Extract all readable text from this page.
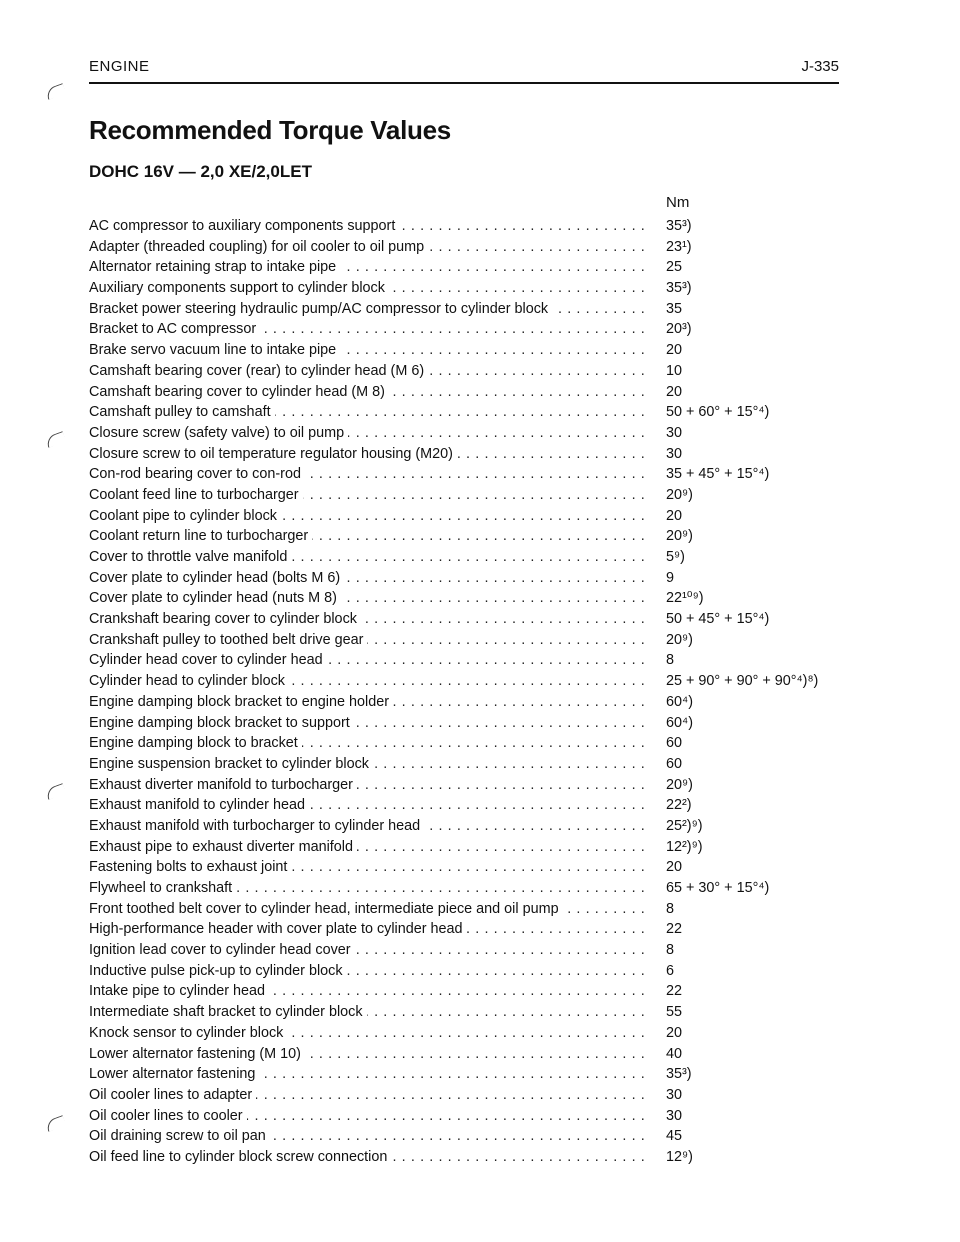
ENGINE	J-335
Recommended Torque Values
DOHC 16V — 2,0 XE/2,0LET
Nm
AC compressor to auxiliary components support . . .	35³)
Adapter (threaded coupling) for oil cooler to oil pump . . .	23¹)
Alternator retaining strap to intake pipe . . .	25
Auxiliary components support to cylinder block . . .	35³)
Bracket power steering hydraulic pump/AC compressor to cylinder block . . .	35
Bracket to AC compressor . . .	20³)
Brake servo vacuum line to intake pipe . . .	20
Camshaft bearing cover (rear) to cylinder head (M 6) . . .	10
Camshaft bearing cover to cylinder head (M 8) . . .	20
Camshaft pulley to camshaft . . .	50 + 60° + 15°⁴)
Closure screw (safety valve) to oil pump . . .	30
Closure screw to oil temperature regulator housing (M20) . . .	30
Con-rod bearing cover to con-rod . . .	35 + 45° + 15°⁴)
Coolant feed line to turbocharger . . .	20⁹)
Coolant pipe to cylinder block . . .	20
Coolant return line to turbocharger . . .	20⁹)
Cover to throttle valve manifold . . .	5⁹)
Cover plate to cylinder head (bolts M 6) . . .	9
Cover plate to cylinder head (nuts M 8) . . .	22¹⁰⁹)
Crankshaft bearing cover to cylinder block . . .	50 + 45° + 15°⁴)
Crankshaft pulley to toothed belt drive gear . . .	20⁹)
Cylinder head cover to cylinder head . . .	8
Cylinder head to cylinder block . . .	25 + 90° + 90° + 90°⁴)⁸)
Engine damping block bracket to engine holder . . .	60⁴)
Engine damping block bracket to support . . .	60⁴)
Engine damping block to bracket . . .	60
Engine suspension bracket to cylinder block . . .	60
Exhaust diverter manifold to turbocharger . . .	20⁹)
Exhaust manifold to cylinder head . . .	22²)
Exhaust manifold with turbocharger to cylinder head . . .	25²)⁹)
Exhaust pipe to exhaust diverter manifold . . .	12²)⁹)
Fastening bolts to exhaust joint . . .	20
Flywheel to crankshaft . . .	65 + 30° + 15°⁴)
Front toothed belt cover to cylinder head, intermediate piece and oil pump . . .	8
High-performance header with cover plate to cylinder head . . .	22
Ignition lead cover to cylinder head cover . . .	8
Inductive pulse pick-up to cylinder block . . .	6
Intake pipe to cylinder head . . .	22
Intermediate shaft bracket to cylinder block . . .	55
Knock sensor to cylinder block . . .	20
Lower alternator fastening (M 10) . . .	40
Lower alternator fastening . . .	35³)
Oil cooler lines to adapter . . .	30
Oil cooler lines to cooler . . .	30
Oil draining screw to oil pan . . .	45
Oil feed line to cylinder block screw connection . . .	12⁹)
